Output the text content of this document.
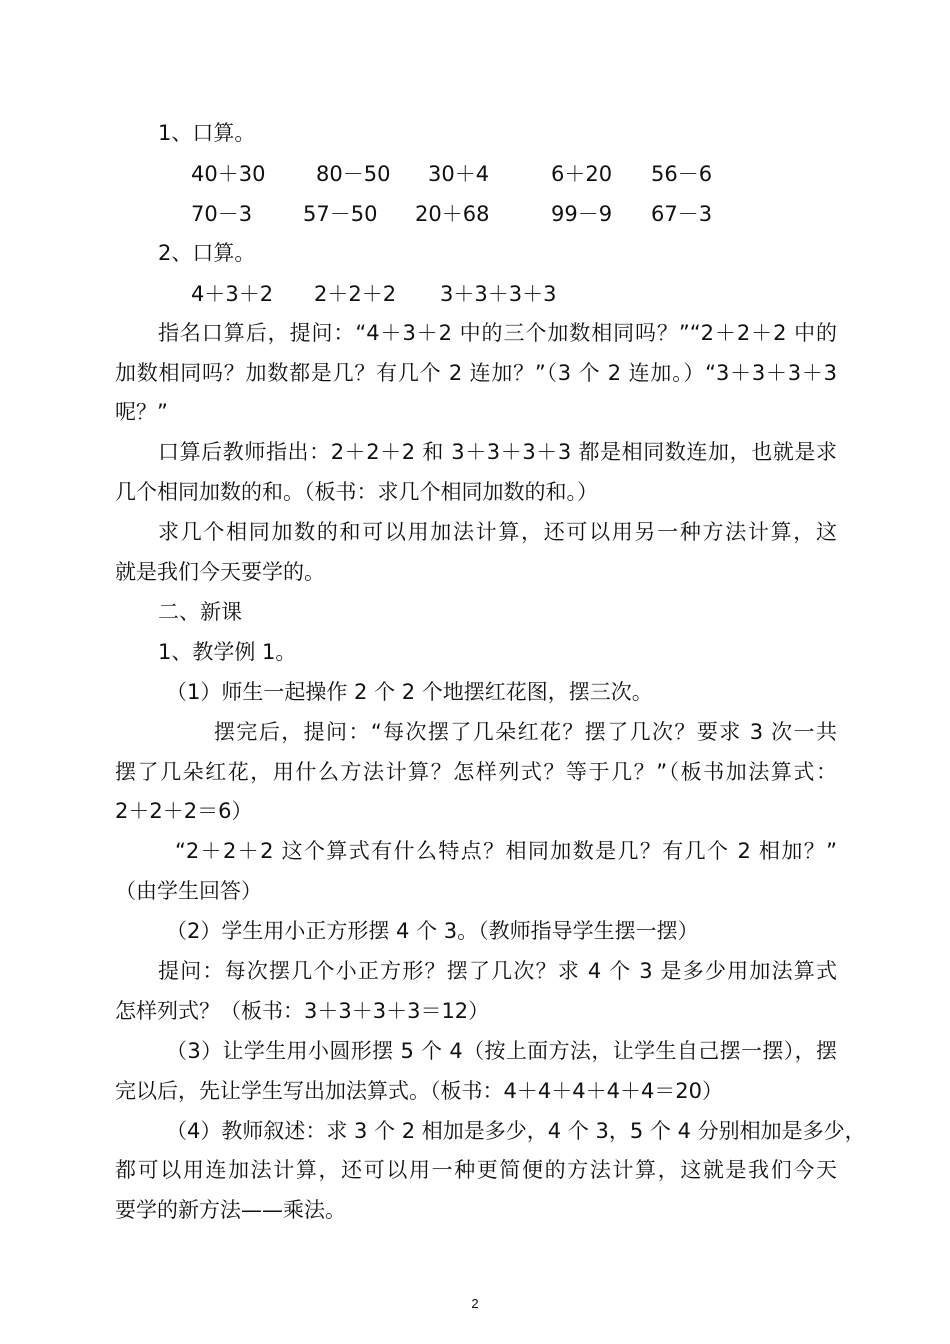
1、口算。
40＋30 80－50 30＋4	6＋20 56－6
70－3 57－50 20＋68	99－9 67－3
2、口算。
4＋3＋2 2＋2＋2 3＋3＋3＋3
指名口算后，提问：“4＋3＋2 中的三个加数相同吗？”“2＋2＋2 中的
加数相同吗？加数都是几？有几个 2 连加？”（3 个 2 连加。）“3＋3＋3＋3
呢？”
口算后教师指出：2＋2＋2 和 3＋3＋3＋3 都是相同数连加，也就是求
几个相同加数的和。（板书：求几个相同加数的和。）
求几个相同加数的和可以用加法计算，还可以用另一种方法计算，这
就是我们今天要学的。
二、新课
1、教学例 1。
（1）师生一起操作 2 个 2 个地摆红花图，摆三次。
摆完后，提问：“每次摆了几朵红花？摆了几次？要求 3 次一共
摆了几朵红花，用什么方法计算？怎样列式？等于几？”（板书加法算式：
2＋2＋2＝6）
“2＋2＋2 这个算式有什么特点？相同加数是几？有几个 2 相加？”
（由学生回答）
（2）学生用小正方形摆 4 个 3。（教师指导学生摆一摆）
提问：每次摆几个小正方形？摆了几次？求 4 个 3 是多少用加法算式
怎样列式？（板书：3＋3＋3＋3＝12）
（3）让学生用小圆形摆 5 个 4（按上面方法，让学生自己摆一摆），摆
完以后，先让学生写出加法算式。（板书：4＋4＋4＋4＋4＝20）
（4）教师叙述：求 3 个 2 相加是多少，4 个 3，5 个 4 分别相加是多少，
都可以用连加法计算，还可以用一种更简便的方法计算，这就是我们今天
要学的新方法——乘法。
2
